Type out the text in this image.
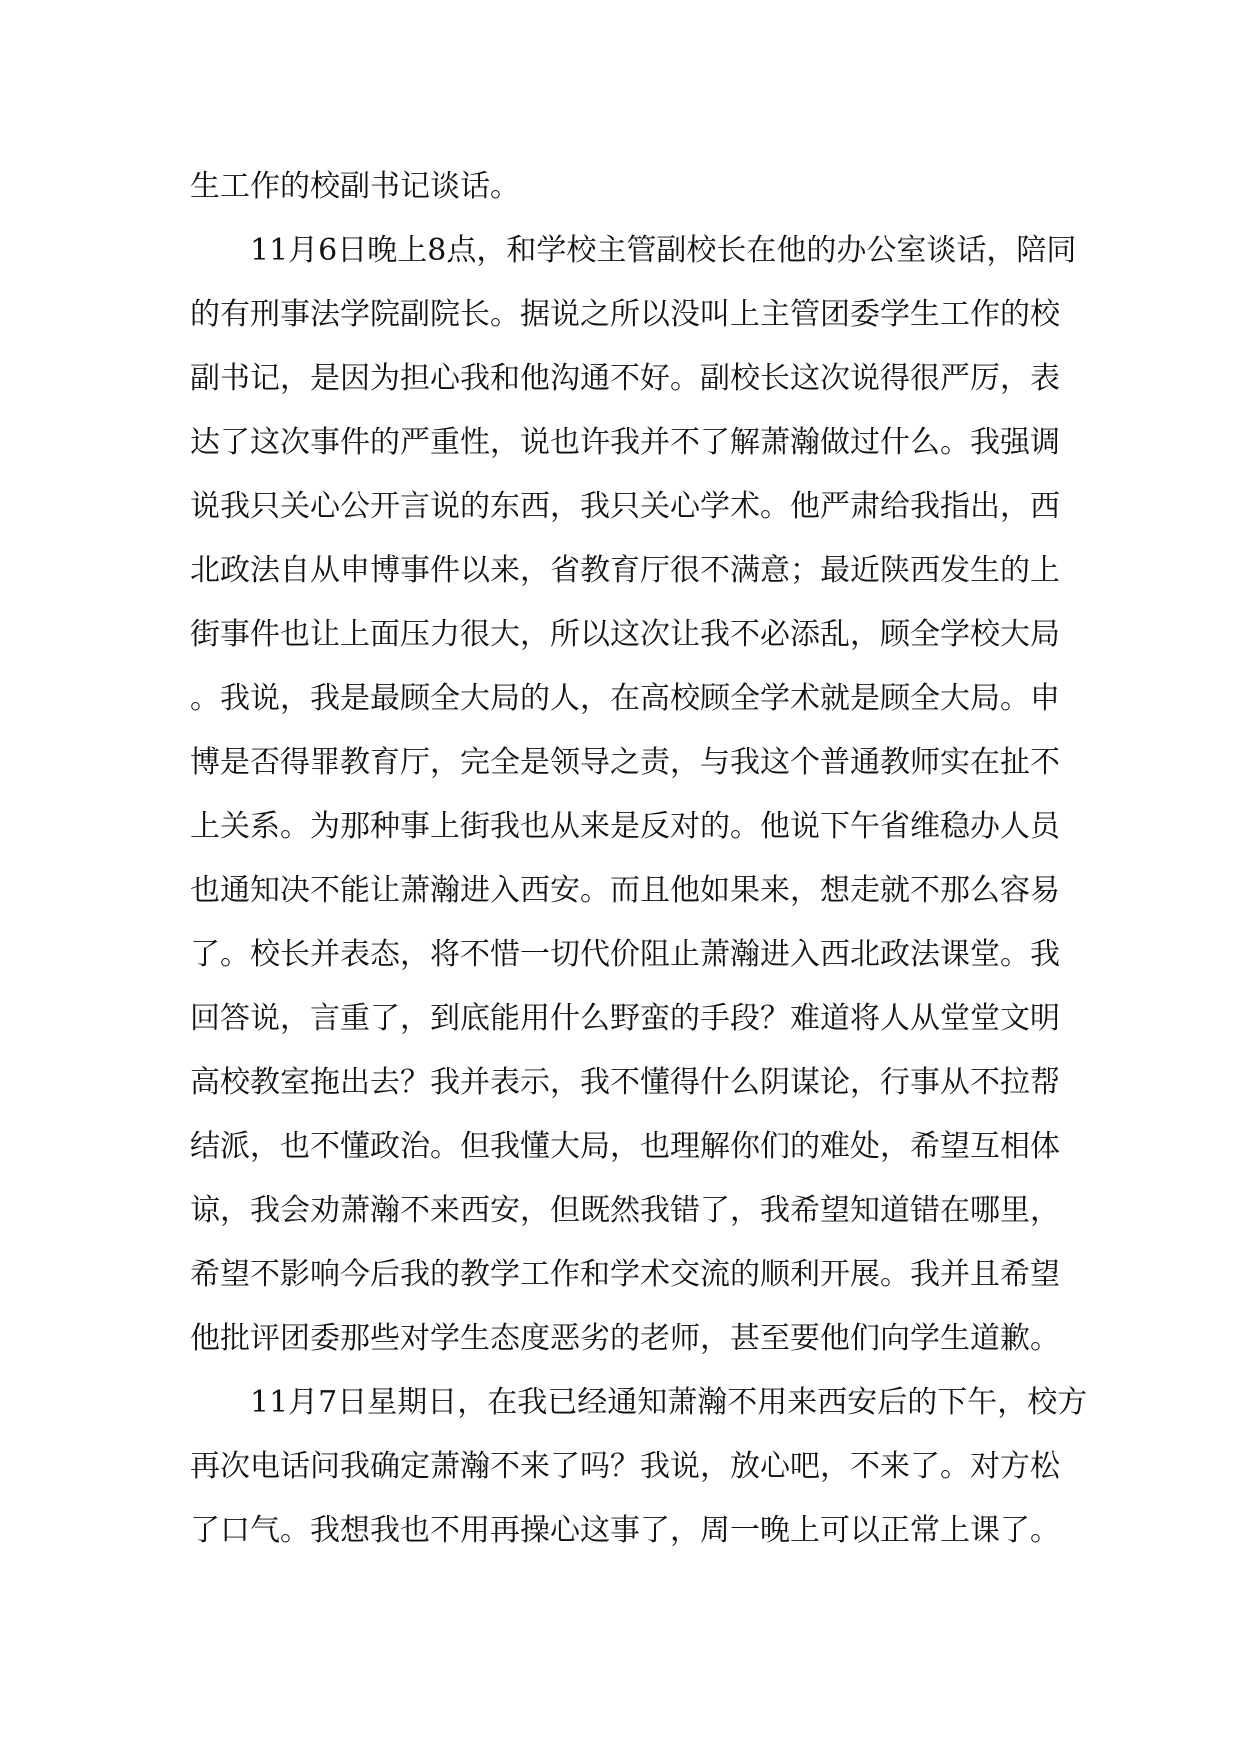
生工作的校副书记谈话。
11月6日晚上8点，和学校主管副校长在他的办公室谈话，陪同
的有刑事法学院副院长。据说之所以没叫上主管团委学生工作的校
副书记，是因为担心我和他沟通不好。副校长这次说得很严厉，表
达了这次事件的严重性，说也许我并不了解萧瀚做过什么。我强调
说我只关心公开言说的东西，我只关心学术。他严肃给我指出，西
北政法自从申博事件以来，省教育厅很不满意；最近陕西发生的上
街事件也让上面压力很大，所以这次让我不必添乱，顾全学校大局
。我说，我是最顾全大局的人，在高校顾全学术就是顾全大局。申
博是否得罪教育厅，完全是领导之责，与我这个普通教师实在扯不
上关系。为那种事上街我也从来是反对的。他说下午省维稳办人员
也通知决不能让萧瀚进入西安。而且他如果来，想走就不那么容易
了。校长并表态，将不惜一切代价阻止萧瀚进入西北政法课堂。我
回答说，言重了，到底能用什么野蛮的手段？难道将人从堂堂文明
高校教室拖出去？我并表示，我不懂得什么阴谋论，行事从不拉帮
结派，也不懂政治。但我懂大局，也理解你们的难处，希望互相体
谅，我会劝萧瀚不来西安，但既然我错了，我希望知道错在哪里，
希望不影响今后我的教学工作和学术交流的顺利开展。我并且希望
他批评团委那些对学生态度恶劣的老师，甚至要他们向学生道歉。
11月7日星期日，在我已经通知萧瀚不用来西安后的下午，校方
再次电话问我确定萧瀚不来了吗？我说，放心吧，不来了。对方松
了口气。我想我也不用再操心这事了，周一晚上可以正常上课了。
